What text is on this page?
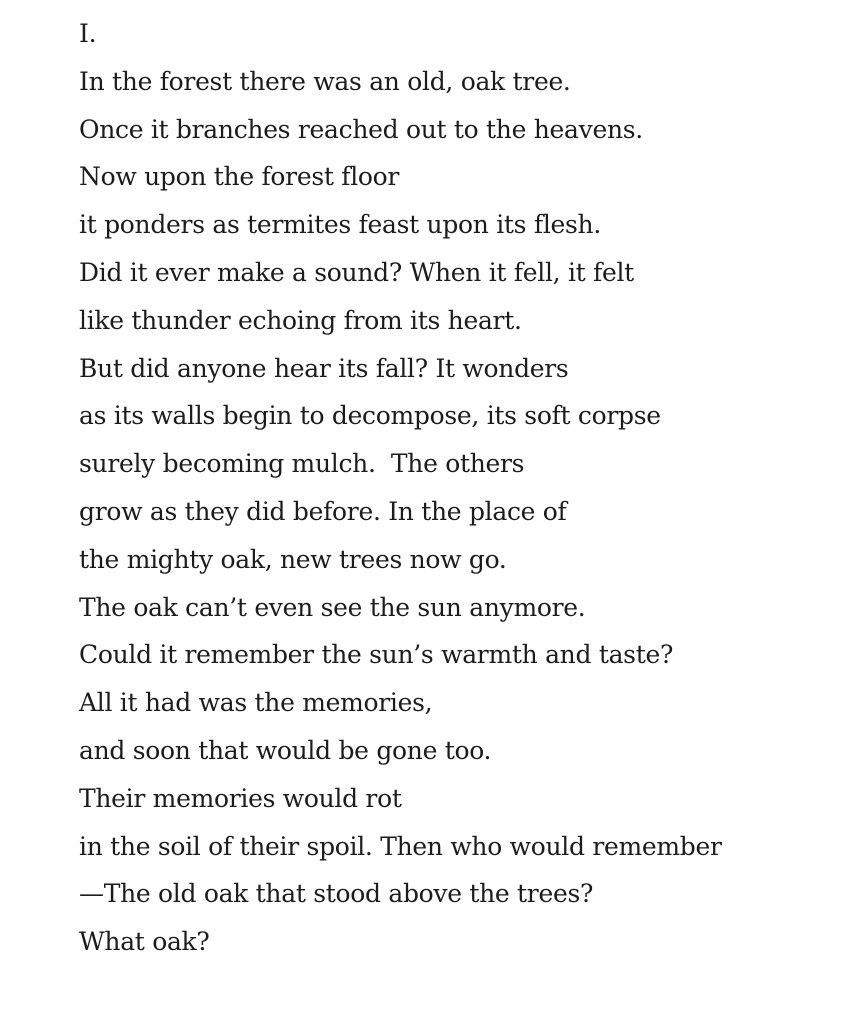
I.
In the forest there was an old, oak tree.
Once it branches reached out to the heavens.
Now upon the forest floor
it ponders as termites feast upon its flesh.
Did it ever make a sound? When it fell, it felt
like thunder echoing from its heart.
But did anyone hear its fall? It wonders
as its walls begin to decompose, its soft corpse
surely becoming mulch.  The others
grow as they did before. In the place of
the mighty oak, new trees now go.
The oak can’t even see the sun anymore.
Could it remember the sun’s warmth and taste?
All it had was the memories,
and soon that would be gone too.
Their memories would rot
in the soil of their spoil. Then who would remember
—The old oak that stood above the trees?
What oak?
